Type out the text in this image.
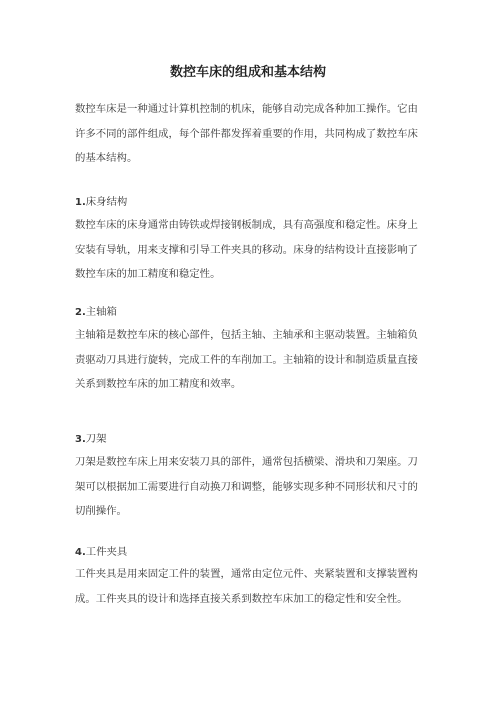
数控车床的组成和基本结构

数控车床是一种通过计算机控制的机床，能够自动完成各种加工操作。它由许多不同的部件组成，每个部件都发挥着重要的作用，共同构成了数控车床的基本结构。

1.床身结构

数控车床的床身通常由铸铁或焊接钢板制成，具有高强度和稳定性。床身上安装有导轨，用来支撑和引导工件夹具的移动。床身的结构设计直接影响了数控车床的加工精度和稳定性。

2.主轴箱

主轴箱是数控车床的核心部件，包括主轴、主轴承和主驱动装置。主轴箱负责驱动刀具进行旋转，完成工件的车削加工。主轴箱的设计和制造质量直接关系到数控车床的加工精度和效率。

3.刀架

刀架是数控车床上用来安装刀具的部件，通常包括横梁、滑块和刀架座。刀架可以根据加工需要进行自动换刀和调整，能够实现多种不同形状和尺寸的切削操作。

4.工件夹具

工件夹具是用来固定工件的装置，通常由定位元件、夹紧装置和支撑装置构成。工件夹具的设计和选择直接关系到数控车床加工的稳定性和安全性。
